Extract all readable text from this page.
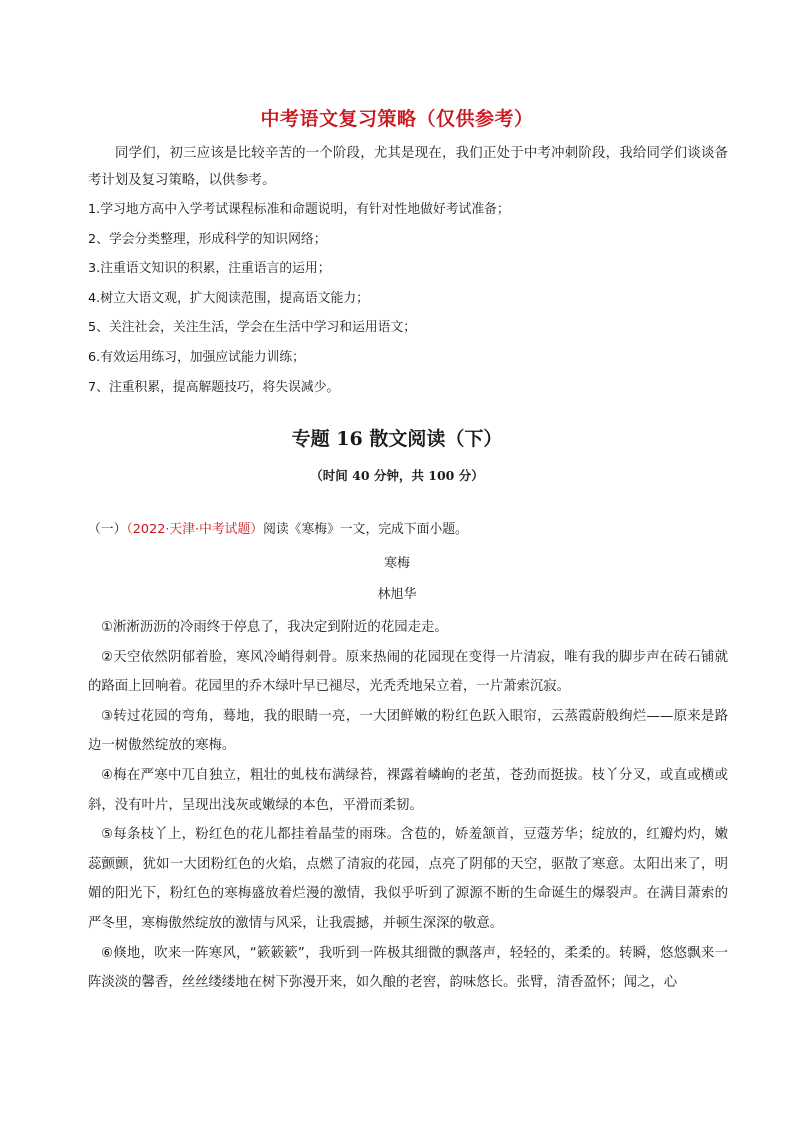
中考语文复习策略（仅供参考）
同学们，初三应该是比较辛苦的一个阶段，尤其是现在，我们正处于中考冲刺阶段，我给同学们谈谈备考计划及复习策略，以供参考。
1.学习地方高中入学考试课程标准和命题说明，有针对性地做好考试准备；
2、学会分类整理，形成科学的知识网络；
3.注重语文知识的积累，注重语言的运用；
4.树立大语文观，扩大阅读范围，提高语文能力；
5、关注社会，关注生活，学会在生活中学习和运用语文；
6.有效运用练习，加强应试能力训练；
7、注重积累，提高解题技巧，将失误减少。
专题 16 散文阅读（下）
（时间 40 分钟，共 100 分）
（一）（2022·天津·中考试题）阅读《寒梅》一文，完成下面小题。
寒梅
林旭华

①淅淅沥沥的冷雨终于停息了，我决定到附近的花园走走。

②天空依然阴郁着脸，寒风冷峭得刺骨。原来热闹的花园现在变得一片清寂，唯有我的脚步声在砖石铺就的路面上回响着。花园里的乔木绿叶早已褪尽，光秃秃地呆立着，一片萧索沉寂。

③转过花园的弯角，蓦地，我的眼睛一亮，一大团鲜嫩的粉红色跃入眼帘，云蒸霞蔚般绚烂——原来是路边一树傲然绽放的寒梅。

④梅在严寒中兀自独立，粗壮的虬枝布满绿苔，裸露着嶙峋的老茧，苍劲而挺拔。枝丫分叉，或直或横或斜，没有叶片，呈现出浅灰或嫩绿的本色，平滑而柔韧。

⑤每条枝丫上，粉红色的花儿都挂着晶莹的雨珠。含苞的，娇羞颔首，豆蔻芳华；绽放的，红瓣灼灼，嫩蕊颤颤，犹如一大团粉红色的火焰，点燃了清寂的花园，点亮了阴郁的天空，驱散了寒意。太阳出来了，明媚的阳光下，粉红色的寒梅盛放着烂漫的激情，我似乎听到了源源不断的生命诞生的爆裂声。在满目萧索的严冬里，寒梅傲然绽放的激情与风采，让我震撼，并顿生深深的敬意。

⑥倏地，吹来一阵寒风，“簌簌簌”，我听到一阵极其细微的飘落声，轻轻的，柔柔的。转瞬，悠悠飘来一阵淡淡的馨香，丝丝缕缕地在树下弥漫开来，如久酿的老窖，韵味悠长。张臂，清香盈怀；闻之，心
